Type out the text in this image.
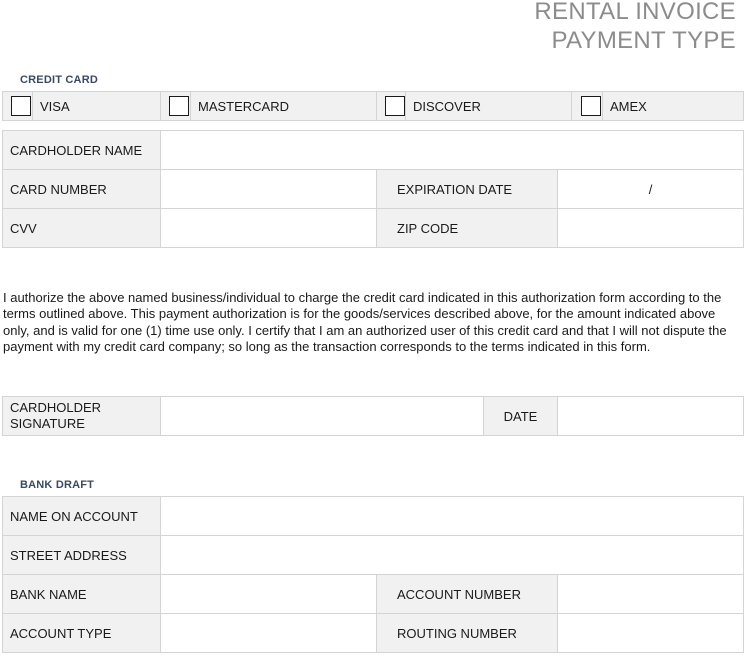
RENTAL INVOICE
PAYMENT TYPE
CREDIT CARD
	VISA		MASTERCARD		DISCOVER		AMEX
CARDHOLDER NAME			
CARD NUMBER		EXPIRATION DATE	/
CVV		ZIP CODE	
I authorize the above named business/individual to charge the credit card indicated in this authorization form according to the terms outlined above. This payment authorization is for the goods/services described above, for the amount indicated above only, and is valid for one (1) time use only. I certify that I am an authorized user of this credit card and that I will not dispute the payment with my credit card company; so long as the transaction corresponds to the terms indicated in this form.
CARDHOLDER SIGNATURE		DATE	
BANK DRAFT
NAME ON ACCOUNT			
STREET ADDRESS			
BANK NAME		ACCOUNT NUMBER	
ACCOUNT TYPE		ROUTING NUMBER	
